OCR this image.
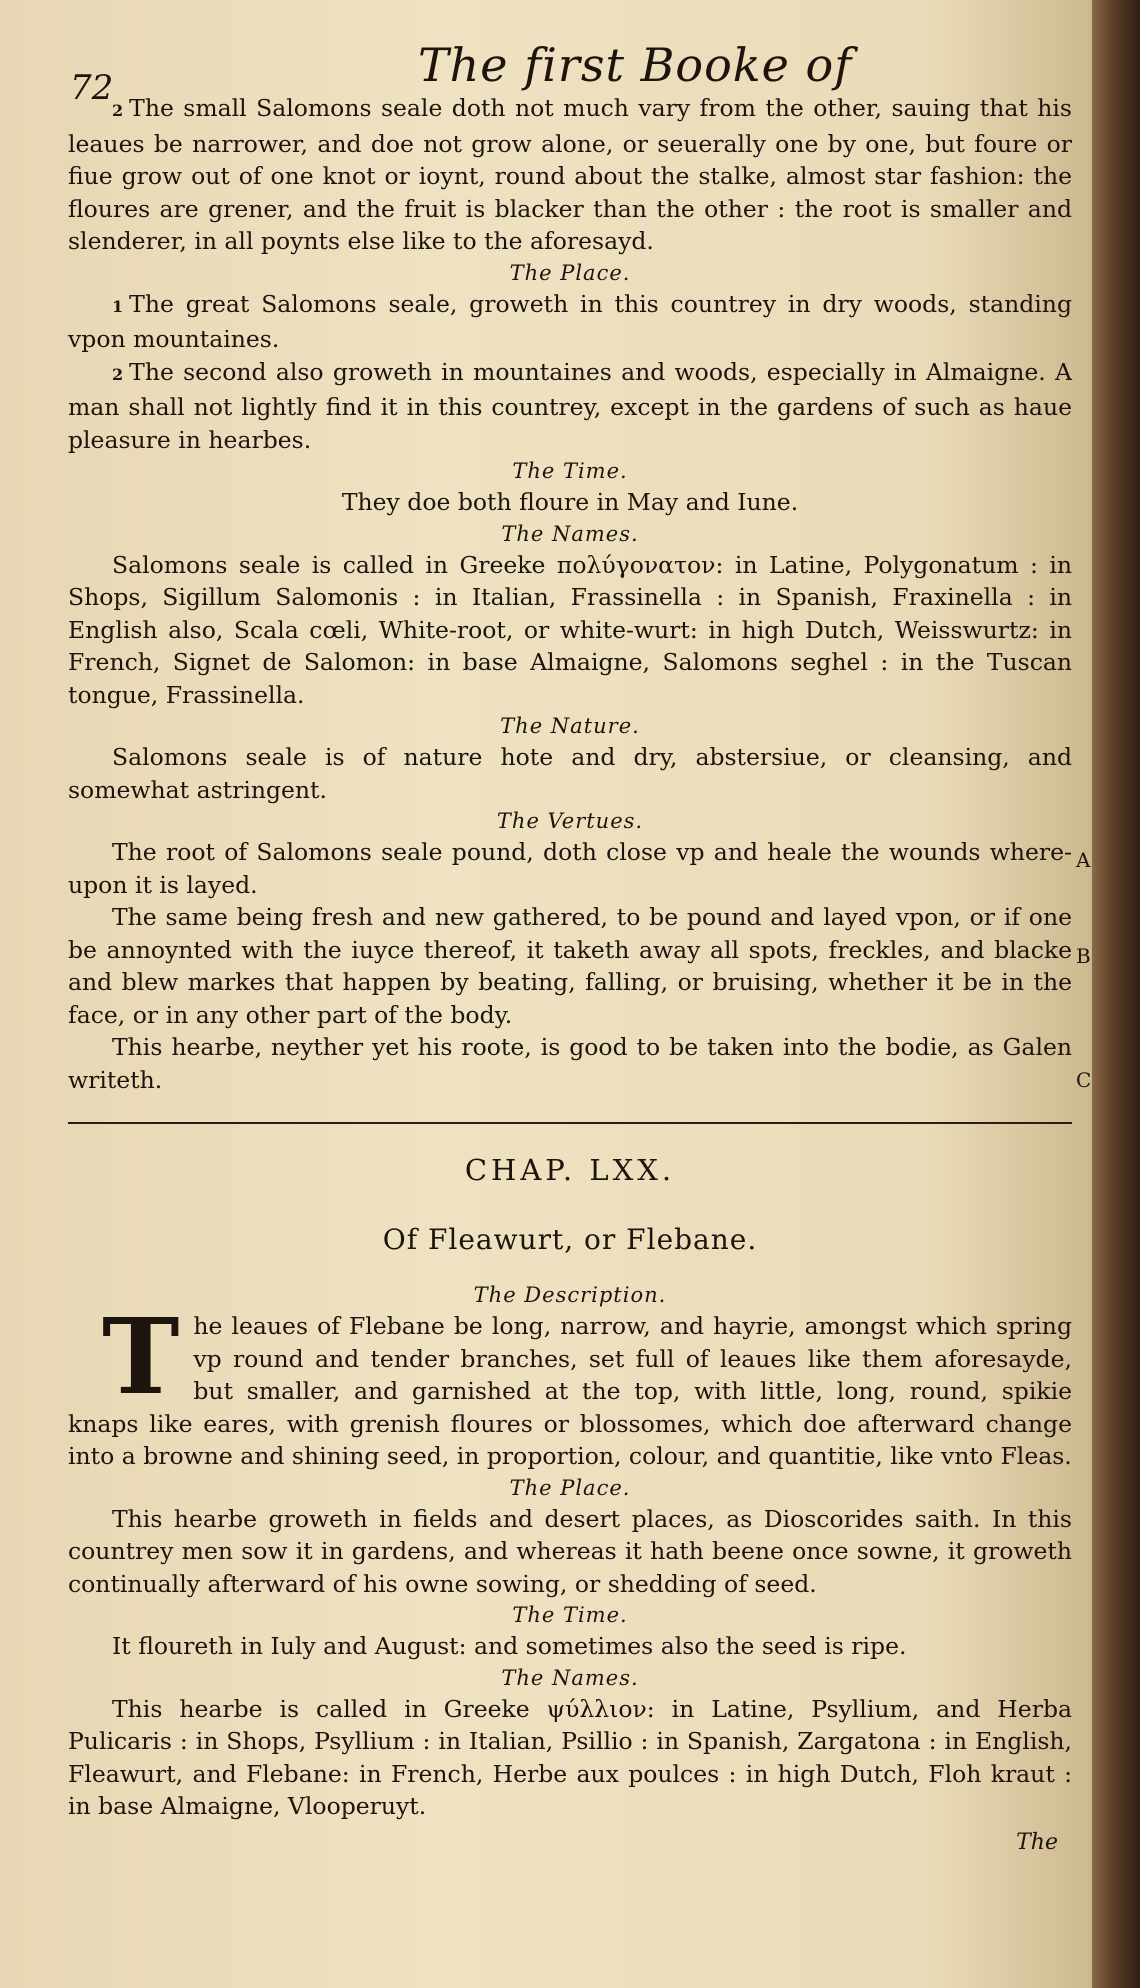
72	The first Booke of

2 The small Salomons seale doth not much vary from the other, sauing that his leaues be narrower, and doe not grow alone, or seuerally one by one, but foure or fiue grow out of one knot or ioynt, round about the stalke, almost star fashion: the floures are grener, and the fruit is blacker than the other : the root is smaller and slenderer, in all poynts else like to the aforesayd.

The Place.

1 The great Salomons seale, groweth in this countrey in dry woods, standing vpon mountaines.

2 The second also groweth in mountaines and woods, especially in Almaigne. A man shall not lightly find it in this countrey, except in the gardens of such as haue pleasure in hearbes.

The Time.

They doe both floure in May and Iune.

The Names.

Salomons seale is called in Greeke πολύγονατον: in Latine, Polygonatum : in Shops, Sigillum Salomonis : in Italian, Frassinella : in Spanish, Fraxinella : in English also, Scala cœli, White-root, or white-wurt: in high Dutch, Weisswurtz: in French, Signet de Salomon: in base Almaigne, Salomons seghel : in the Tuscan tongue, Frassinella.

The Nature.

Salomons seale is of nature hote and dry, abstersiue, or cleansing, and somewhat astringent.

The Vertues.

The root of Salomons seale pound, doth close vp and heale the wounds where-upon it is layed.

The same being fresh and new gathered, to be pound and layed vpon, or if one be annoynted with the iuyce thereof, it taketh away all spots, freckles, and blacke and blew markes that happen by beating, falling, or bruising, whether it be in the face, or in any other part of the body.

This hearbe, neyther yet his roote, is good to be taken into the bodie, as Galen writeth.

CHAP. LXX.
Of Fleawurt, or Flebane.
The Description.

The leaues of Flebane be long, narrow, and hayrie, amongst which spring vp round and tender branches, set full of leaues like them aforesayde, but smaller, and garnished at the top, with little, long, round, spikie knaps like eares, with grenish floures or blossomes, which doe afterward change into a browne and shining seed, in proportion, colour, and quantitie, like vnto Fleas.

The Place.

This hearbe groweth in fields and desert places, as Dioscorides saith. In this countrey men sow it in gardens, and whereas it hath beene once sowne, it groweth continually afterward of his owne sowing, or shedding of seed.

The Time.

It floureth in Iuly and August: and sometimes also the seed is ripe.

The Names.

This hearbe is called in Greeke ψύλλιον: in Latine, Psyllium, and Herba Pulicaris : in Shops, Psyllium : in Italian, Psillio : in Spanish, Zargatona : in English, Fleawurt, and Flebane: in French, Herbe aux poulces : in high Dutch, Floh kraut : in base Almaigne, Vlooperuyt.

The
A
B
C
